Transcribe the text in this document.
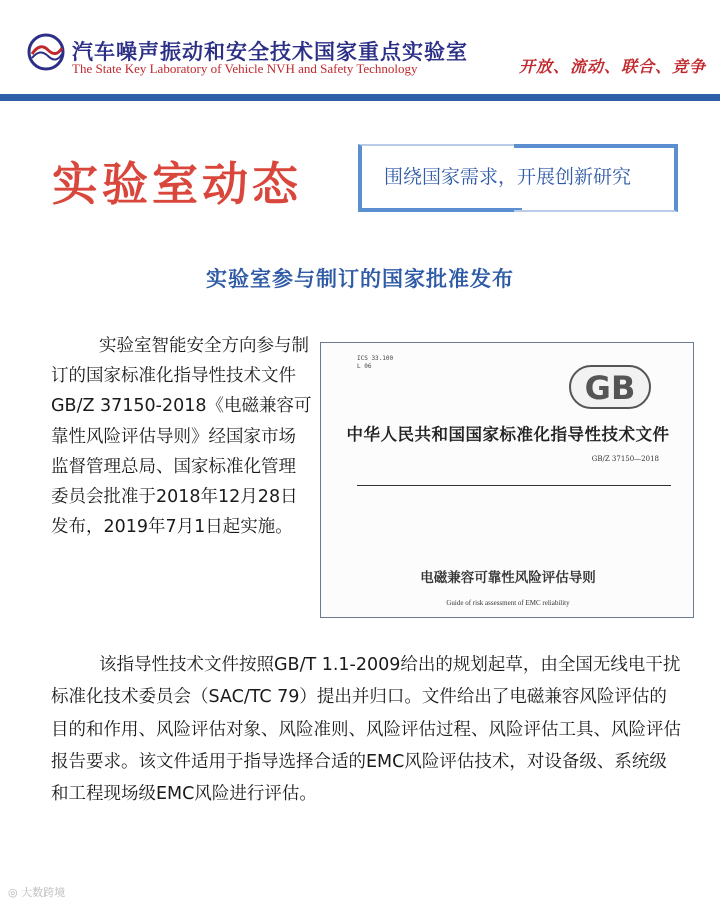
汽车噪声振动和安全技术国家重点实验室
The State Key Laboratory of Vehicle NVH and Safety Technology	开放、流动、联合、竞争
实验室动态	围绕国家需求，开展创新研究
实验室参与制订的国家批准发布

实验室智能安全方向参与制订的国家标准化指导性技术文件GB/Z 37150-2018《电磁兼容可靠性风险评估导则》经国家市场监督管理总局、国家标准化管理委员会批准于2018年12月28日发布，2019年7月1日起实施。

ICS 33.100
L 06
GB
中华人民共和国国家标准化指导性技术文件
GB/Z 37150—2018
电磁兼容可靠性风险评估导则
Guide of risk assessment of EMC reliability

该指导性技术文件按照GB/T 1.1-2009给出的规划起草，由全国无线电干扰标准化技术委员会（SAC/TC 79）提出并归口。文件给出了电磁兼容风险评估的目的和作用、风险评估对象、风险准则、风险评估过程、风险评估工具、风险评估报告要求。该文件适用于指导选择合适的EMC风险评估技术，对设备级、系统级和工程现场级EMC风险进行评估。

◎ 大数跨境
